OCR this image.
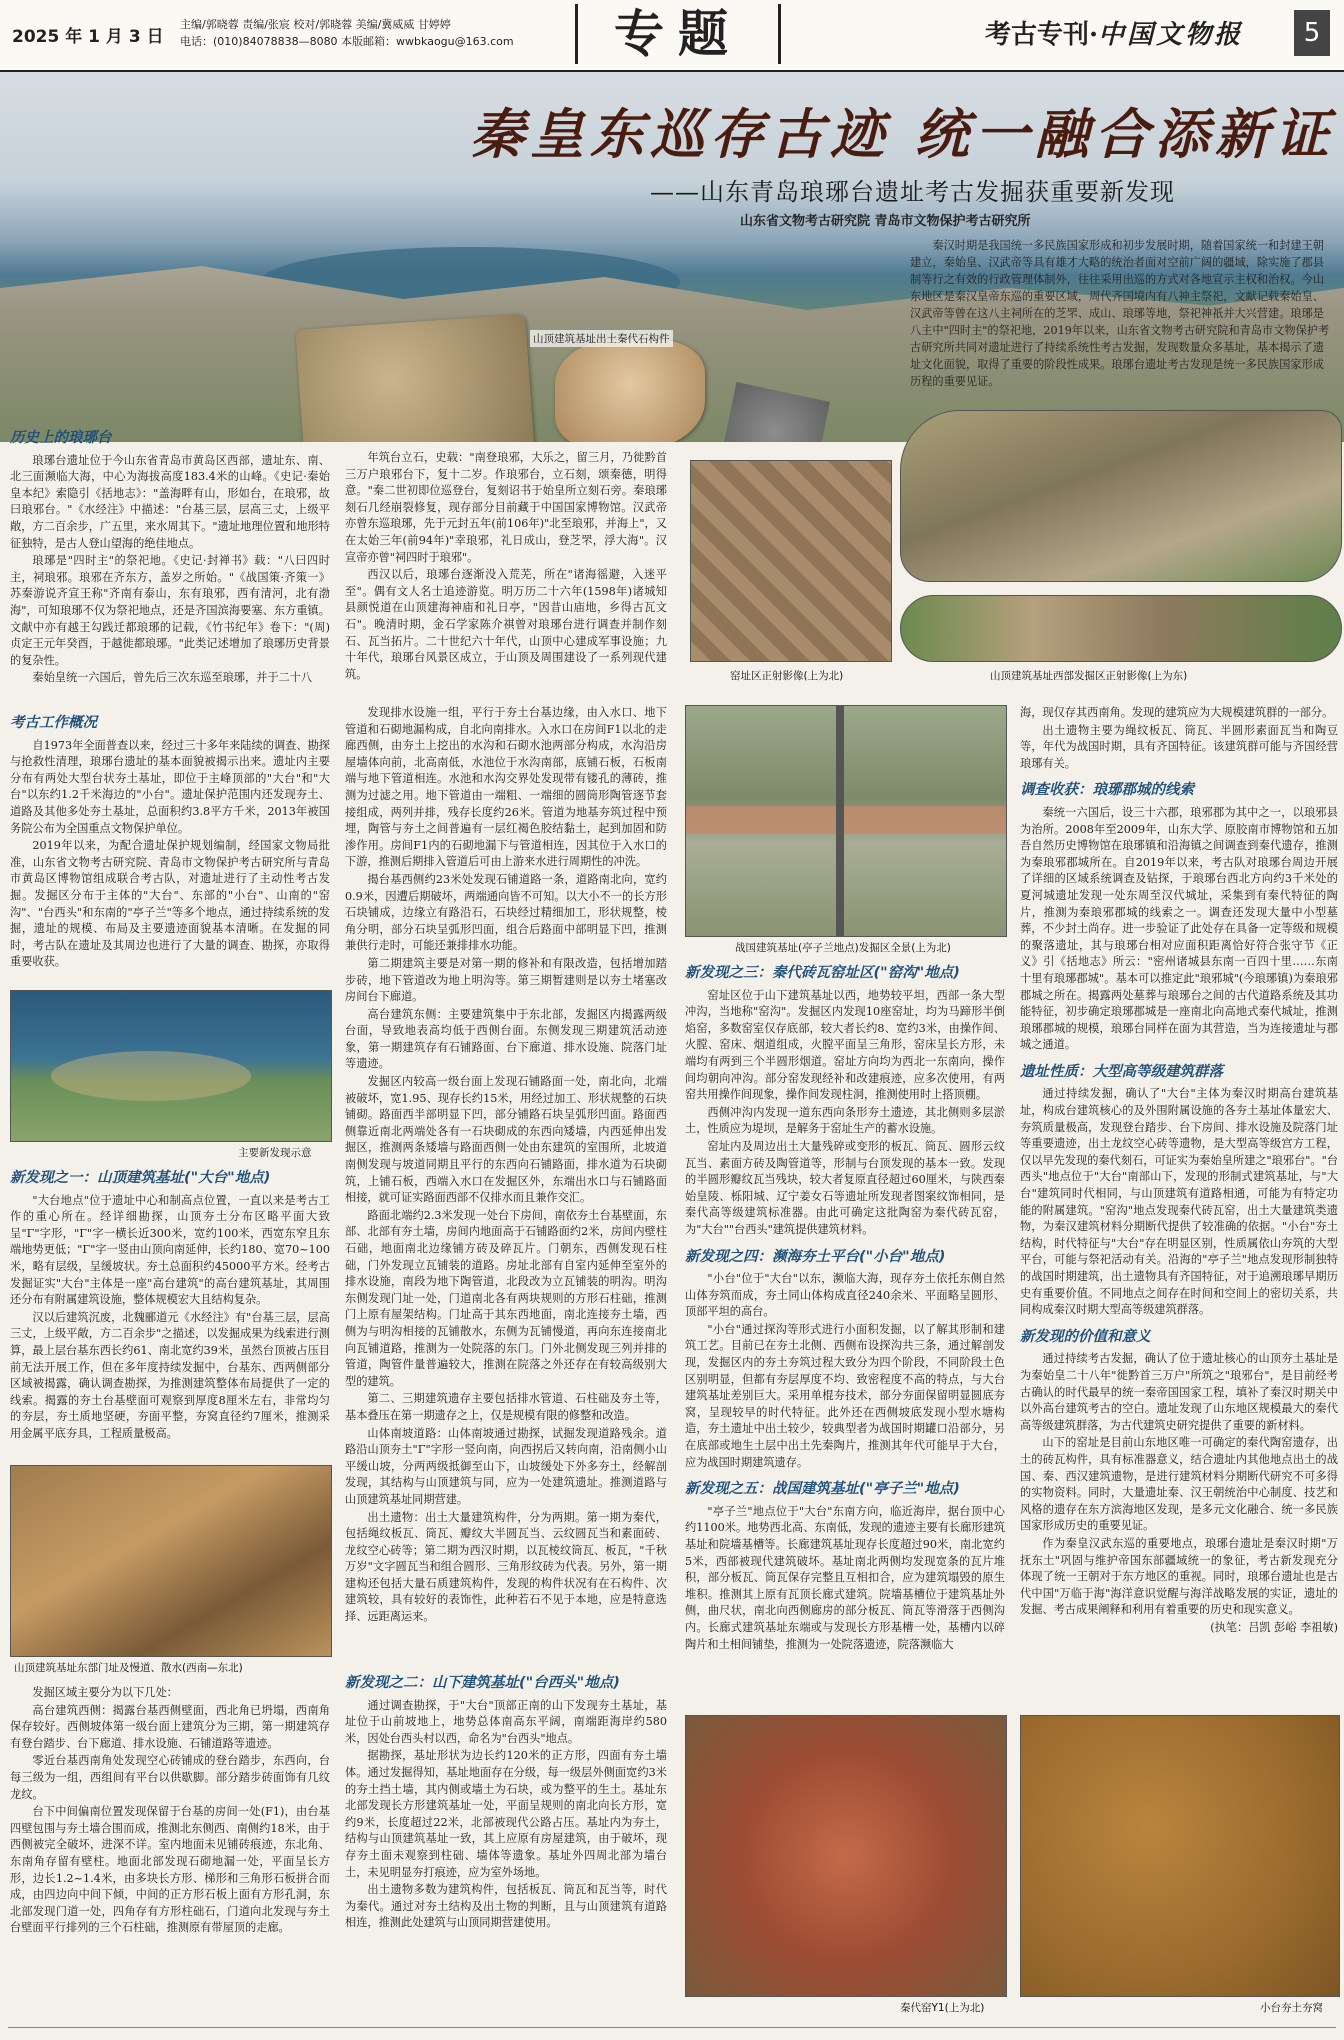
2025 年 1 月 3 日
主编/郭晓蓉 责编/张宸 校对/郭晓蓉 美编/冀威威 甘婷婷
电话：(010)84078838—8080 本版邮箱：wwbkaogu@163.com	专题	考古专刊·中国文物报	5
秦皇东巡存古迹 统一融合添新证
——山东青岛琅琊台遗址考古发掘获重要新发现
山东省文物考古研究院 青岛市文物保护考古研究所
秦汉时期是我国统一多民族国家形成和初步发展时期，随着国家统一和封建王朝建立，秦始皇、汉武帝等具有雄才大略的统治者面对空前广阔的疆域，除实施了郡县制等行之有效的行政管理体制外，往往采用出巡的方式对各地宣示主权和治权。今山东地区是秦汉皇帝东巡的重要区域，周代齐国境内有八神主祭祀，文献记载秦始皇、汉武帝等曾在这八主祠所在的芝罘、成山、琅琊等地，祭祀神祇并大兴营建。琅琊是八主中"四时主"的祭祀地，2019年以来，山东省文物考古研究院和青岛市文物保护考古研究所共同对遗址进行了持续系统性考古发掘，发现数量众多基址，基本揭示了遗址文化面貌，取得了重要的阶段性成果。琅琊台遗址考古发现是统一多民族国家形成历程的重要见证。
山顶建筑基址出土秦代石构件
历史上的琅琊台

琅琊台遗址位于今山东省青岛市黄岛区西部，遗址东、南、北三面濒临大海，中心为海拔高度183.4米的山峰。《史记·秦始皇本纪》索隐引《括地志》："盖海畔有山，形如台，在琅邪，故曰琅邪台。"《水经注》中描述："台基三层，层高三丈，上级平敞，方二百余步，广五里，来水周其下。"遗址地理位置和地形特征独特，是古人登山望海的绝佳地点。

琅琊是"四时主"的祭祀地。《史记·封禅书》载："八曰四时主，祠琅邪。琅邪在齐东方，盖岁之所始。"《战国策·齐策一》苏秦游说齐宣王称"齐南有泰山，东有琅邪，西有清河，北有渤海"，可知琅琊不仅为祭祀地点，还是齐国滨海要塞、东方重镇。文献中亦有越王勾践迁都琅琊的记载，《竹书纪年》卷下："(周)贞定王元年癸酉，于越徙都琅琊。"此类记述增加了琅琊历史背景的复杂性。

秦始皇统一六国后，曾先后三次东巡至琅琊，并于二十八

年筑台立石，史载："南登琅邪，大乐之，留三月，乃徙黔首三万户琅邪台下，复十二岁。作琅邪台，立石刻，颂秦德，明得意。"秦二世初即位巡登台，复刻诏书于始皇所立刻石旁。秦琅琊刻石几经崩裂修复，现存部分目前藏于中国国家博物馆。汉武帝亦曾东巡琅琊，先于元封五年(前106年)"北至琅邪，并海上"，又在太始三年(前94年)"幸琅邪，礼日成山，登芝罘，浮大海"。汉宣帝亦曾"祠四时于琅邪"。

西汉以后，琅琊台逐渐没入荒芜，所在"诸海徭避，入迷平至"。偶有文人名士追迹游览。明万历二十六年(1598年)诸城知县颜悦道在山顶建海神庙和礼日亭，"因昔山庙地，乡得古瓦文石"。晚清时期，金石学家陈介祺曾对琅琊台进行调查并制作刻石、瓦当拓片。二十世纪六十年代，山顶中心建成军事设施；九十年代，琅琊台风景区成立，于山顶及周围建设了一系列现代建筑。	窑址区正射影像(上为北)	山顶建筑基址西部发掘区正射影像(上为东)
考古工作概况

自1973年全面普查以来，经过三十多年来陆续的调查、勘探与抢救性清理，琅琊台遗址的基本面貌被揭示出来。遗址内主要分布有两处大型台状夯土基址，即位于主峰顶部的"大台"和"大台"以东约1.2千米海边的"小台"。遗址保护范围内还发现夯土、道路及其他多处夯土基址，总面积约3.8平方千米，2013年被国务院公布为全国重点文物保护单位。

2019年以来，为配合遗址保护规划编制，经国家文物局批准，山东省文物考古研究院、青岛市文物保护考古研究所与青岛市黄岛区博物馆组成联合考古队，对遗址进行了主动性考古发掘。发掘区分布于主体的"大台"、东部的"小台"、山南的"窑沟"、"台西头"和东南的"亭子兰"等多个地点，通过持续系统的发掘，遗址的规模、布局及主要遗迹面貌基本清晰。在发掘的同时，考古队在遗址及其周边也进行了大量的调查、勘探，亦取得重要收获。

主要新发现示意
新发现之一：山顶建筑基址("大台"地点)

"大台地点"位于遗址中心和制高点位置，一直以来是考古工作的重心所在。经详细勘探，山顶夯土分布区略平面大致呈"Γ"字形，"Γ"字一横长近300米，宽约100米，西宽东窄且东端地势更低；"Γ"字一竖由山顶向南延伸，长约180、宽70~100米，略有层级，呈缓坡状。夯土总面积约45000平方米。经考古发掘证实"大台"主体是一座"高台建筑"的高台建筑基址，其周围还分布有附属建筑设施，整体规模宏大且结构复杂。

汉以后建筑沉废，北魏郦道元《水经注》有"台基三层，层高三丈，上级平敞，方二百余步"之描述，以发掘成果为线索进行测算，最上层台基东西长约61、南北宽约39米，虽然台顶被占压目前无法开展工作，但在多年度持续发掘中，台基东、西两侧部分区域被揭露，确认调查勘探，为推测建筑整体布局提供了一定的线索。揭露的夯土台基壁面可观察到厚度8厘米左右，非常均匀的夯层，夯土质地坚硬，夯面平整，夯窝直径约7厘米，推测采用金属平底夯具，工程质量极高。

山顶建筑基址东部门址及慢道、散水(西南—东北)

发掘区域主要分为以下几处：

高台建筑西侧：揭露台基西侧壁面，西北角已坍塌，西南角保存较好。西侧坡体第一级台面上建筑分为三期，第一期建筑存有登台踏步、台下廊道、排水设施、石铺道路等遗迹。

零近台基西南角处发现空心砖铺成的登台踏步，东西向，台每三级为一组，西组间有平台以供歇脚。部分踏步砖面饰有几纹龙纹。

台下中间偏南位置发现保留于台基的房间一处(F1)，由台基四壁包围与夯土墙合围而成，推测北东侧西、南侧约18米，由于西侧被完全破坏，进深不详。室内地面未见铺砖痕迹，东北角、东南角存留有壁柱。地面北部发现石砌地漏一处，平面呈长方形，边长1.2~1.4米，由多块长方形、梯形和三角形石板拼合而成，由四边向中间下倾，中间的正方形石板上面有方形孔洞，东北部发现门道一处，四角存有方形柱础石，门道向北发现与夯土台壁面平行排列的三个石柱础，推测原有带屋顶的走廊。

发现排水设施一组，平行于夯土台基边缘，由入水口、地下管道和石砌地漏构成，自北向南排水。入水口在房间F1以北的走廊西侧，由夯土上挖出的水沟和石砌水池两部分构成，水沟沿房屋墙体向前，北高南低，水池位于水沟南部，底铺石板，石板南端与地下管道相连。水池和水沟交界处发现带有镂孔的薄砖，推测为过滤之用。地下管道由一端粗、一端细的圆筒形陶管逐节套接组成，两列并排，残存长度约26米。管道为地基夯筑过程中预埋，陶管与夯土之间普遍有一层红褐色胶结黏土，起到加固和防渗作用。房间F1内的石砌地漏下与管道相连，因其位于入水口的下游，推测后期排入管道后可由上游来水进行周期性的冲洗。

揭台基西侧约23米处发现石铺道路一条，道路南北向，宽约0.9米，因遭后期破坏，两端通向皆不可知。以大小不一的长方形石块铺成，边缘立有路沿石，石块经过精细加工，形状规整，棱角分明，部分石块呈弧形凹面，组合后路面中部明显下凹，推测兼供行走时，可能还兼排排水功能。

第二期建筑主要是对第一期的修补和有限改造，包括增加踏步砖，地下管道改为地上明沟等。第三期暂建则是以夯土堵塞改房间台下廊道。

高台建筑东侧：主要建筑集中于东北部，发掘区内揭露两级台面，导致地表高均低于西侧台面。东侧发现三期建筑活动迹象，第一期建筑存有石铺路面、台下廊道、排水设施、院落门址等遗迹。

发掘区内较高一级台面上发现石铺路面一处，南北向，北端被破坏，宽1.95、现存长约15米，用经过加工、形状规整的石块铺砌。路面西半部明显下凹，部分铺路石块呈弧形凹面。路面西侧靠近南北两端处各有一石块砌成的东西向矮墙，内西延伸出发掘区，推测两条矮墙与路面西侧一处由东建筑的室围所，北坡道南侧发现与坡道同期且平行的东西向石铺路面，排水道为石块砌筑，上铺石板，西端入水口在发掘区外，东端出水口与石铺路面相接，就可证实路面西部不仅排水而且兼作交汇。

路面北端约2.3米发现一处台下房间，南依夯土台基壁面，东部、北部有夯土墙，房间内地面高于石铺路面约2米，房间内壁柱石础，地面南北边缘铺方砖及碎瓦片。门朝东，西侧发现石柱础，门外发现立瓦铺装的道路。房址北部有自室内延伸至室外的排水设施，南段为地下陶管道，北段改为立瓦铺装的明沟。明沟东侧发现门址一处，门道南北各有两块规则的方形石柱础，推测门上原有屋架结构。门址高于其东西地面，南北连接夯土墙，西侧为与明沟相接的瓦铺散水，东侧为瓦铺慢道，再向东连接南北向瓦铺道路，推测为一处院落的东门。门外北侧发现三列并排的管道，陶管件量普遍较大，推测在院落之外还存在有较高级别大型的建筑。

第二、三期建筑遗存主要包括排水管道、石柱础及夯土等，基本叠压在第一期遗存之上，仅是规模有限的修整和改造。

山体南坡道路：山体南坡通过勘探，试掘发现道路残余。道路沿山顶夯土"Γ"字形一竖向南，向西拐后又转向南，沿南侧小山平缓山坡，分两两级抵御至山下，山坡缓处下外多夯土，经解剖发现，其结构与山顶建筑与同，应为一处建筑遗址。推测道路与山顶建筑基址同期营建。

出土遗物：出土大量建筑构件，分为两期。第一期为秦代，包括绳纹板瓦、筒瓦、瓣纹大半圆瓦当、云纹圆瓦当和素面砖、龙纹空心砖等；第二期为西汉时期，以瓦棱纹筒瓦、板瓦，"千秋万岁"文字圆瓦当和组合圆形、三角形纹砖为代表。另外，第一期建构还包括大量石质建筑构件，发现的构件状况有在石构件、次建筑较，具有较好的表饰性，此种若石不见于本地，应是特意选择、远距离运来。

新发现之二：山下建筑基址("台西头"地点)

通过调查勘探，于"大台"顶部正南的山下发现夯土基址，基址位于山前坡地上，地势总体南高东平阔，南端距海岸约580米，因处台西头村以西，命名为"台西头"地点。

据勘探，基址形状为边长约120米的正方形，四面有夯土墙体。通过发掘得知，基址地面存在分级，每一级层外侧面宽约3米的夯土挡土墙，其内侧或墙土为石块，或为整平的生土。基址东北部发现长方形建筑基址一处，平面呈规则的南北向长方形，宽约9米，长度超过22米，北部被现代公路占压。基址内为夯土，结构与山顶建筑基址一致，其上应原有房屋建筑，由于破坏，现存夯土面未观察到柱础、墙体等遗象。基址外四周北部为墙台土，未见明显夯打痕迹，应为室外场地。

出土遗物多数为建筑构件，包括板瓦、筒瓦和瓦当等，时代为秦代。通过对夯土结构及出土物的判断，且与山顶建筑有道路相连，推测此处建筑与山顶同期营建使用。

战国建筑基址(亭子兰地点)发掘区全景(上为北)
新发现之三：秦代砖瓦窑址区("窑沟"地点)

窑址区位于山下建筑基址以西，地势较平坦，西部一条大型冲沟，当地称"窑沟"。发掘区内发现10座窑址，均为马蹄形半倒焰窑，多数窑室仅存底部，较大者长约8、宽约3米，由操作间、火膛、窑床、烟道组成，火膛平面呈三角形，窑床呈长方形，未端均有两到三个半圆形烟道。窑址方向均为西北一东南向，操作间均朝向冲沟。部分窑发现经补和改建痕迹，应多次使用，有两窑共用操作间现象，操作间发现柱洞，推测使用时上搭顶棚。

西侧冲沟内发现一道东西向条形夯土遗迹，其北侧则多层淤土，性质应为堤坝，是解务于窑址生产的蓄水设施。

窑址内及周边出土大量残碎或变形的板瓦、筒瓦、圆形云纹瓦当、素面方砖及陶管道等，形制与台顶发现的基本一致。发现的半圆形瓣纹瓦当残块，较大者复原直径超过60厘米，与陕西秦始皇陵、栎阳城、辽宁姜女石等遗址所发现者图案纹饰相同，是秦代高等级建筑标准器。由此可确定这批陶窑为秦代砖瓦窑，为"大台""台西头"建筑提供建筑材料。

新发现之四：濒海夯土平台("小台"地点)

"小台"位于"大台"以东，濒临大海，现存夯土依托东侧自然山体夯筑而成，夯土同山体构成直径240余米、平面略呈圆形、顶部平坦的高台。

"小台"通过探沟等形式进行小面积发掘，以了解其形制和建筑工艺。目前已在夯土北侧、西侧布设探沟共三条，通过解剖发现，发掘区内的夯土夯筑过程大致分为四个阶段，不同阶段土色区别明显，但都有夯层厚度不均、致密程度不高的特点，与大台建筑基址差别巨大。采用单棍夯技术，部分夯面保留明显圆底夯窝，呈现较早的时代特征。此外还在西侧坡底发现小型水塘构造，夯土遗址中出土较少，较典型者为战国时期罐口沿部分，另在底部或地生土层中出土先秦陶片，推测其年代可能早于大台，应为战国时期建筑遗存。

新发现之五：战国建筑基址("亭子兰"地点)

"亭子兰"地点位于"大台"东南方向，临近海岸，据台顶中心约1100米。地势西北高、东南低，发现的遗迹主要有长廊形建筑基址和院墙基槽等。长廊建筑基址现存长度超过90米，南北宽约5米，西部被现代建筑破坏。基址南北两侧均发现宽条的瓦片堆积，部分板瓦、筒瓦保存完整且互相扣合，应为建筑塌毁的原生堆积。推测其上原有瓦顶长廊式建筑。院墙基槽位于建筑基址外侧，曲尺状，南北向西侧廊房的部分板瓦、筒瓦等滑落于西侧沟内。长廊式建筑基址东端或与发现长方形基槽一处，基槽内以碎陶片和土相间铺垫，推测为一处院落遗迹，院落濒临大

海，现仅存其西南角。发现的建筑应为大规模建筑群的一部分。

出土遗物主要为绳纹板瓦、筒瓦、半圆形素面瓦当和陶豆等，年代为战国时期，具有齐国特征。该建筑群可能与齐国经营琅琊有关。

调查收获：琅琊郡城的线索

秦统一六国后，设三十六郡，琅邪郡为其中之一，以琅邪县为治所。2008年至2009年，山东大学、原胶南市博物馆和五加吾自然历史博物馆在琅琊镇和沿海镇之间调查到秦代遗存，推测为秦琅邪郡城所在。自2019年以来，考古队对琅琊台周边开展了详细的区域系统调查及钻探，于琅琊台西北方向约3千米处的夏河城遗址发现一处东周至汉代城址，采集到有秦代特征的陶片，推测为秦琅邪郡城的线索之一。调查还发现大量中小型墓葬，不少封土尚存。进一步验证了此处存在具备一定等级和规模的聚落遗址，其与琅琊台相对应面积距离恰好符合张守节《正义》引《括地志》所云："密州诸城县东南一百四十里……东南十里有琅琊郡城"。基本可以推定此"琅邪城"(今琅琊镇)为秦琅邪郡城之所在。揭露两处墓葬与琅琊台之间的古代道路系统及其功能特征，初步确定琅琊郡城是一座南北向高地式秦代城址，推测琅琊郡城的规模，琅琊台同样在面为其营造，当为连接遗址与郡城之通道。

遗址性质：大型高等级建筑群落

通过持续发掘，确认了"大台"主体为秦汉时期高台建筑基址，构成台建筑核心的及外围附属设施的各夯土基址体量宏大、夯筑质量极高，发现登台踏步、台下房间、排水设施及院落门址等重要遗迹，出土龙纹空心砖等遗物，是大型高等级宫方工程，仅以早先发现的秦代刻石，可证实为秦始皇所建之"琅邪台"。"台西头"地点位于"大台"南部山下，发现的形制式建筑基址，与"大台"建筑同时代相同，与山顶建筑有道路相通，可能为有特定功能的附属建筑。"窑沟"地点发现秦代砖瓦窑，出土大量建筑类遗物，为秦汉建筑材料分期断代提供了较准确的依据。"小台"夯土结构，时代特征与"大台"存在明显区别，性质属依山夯筑的大型平台，可能与祭祀活动有关。沿海的"亭子兰"地点发现形制独特的战国时期建筑，出土遗物具有齐国特征，对于追溯琅琊早期历史有重要价值。不同地点之间存在时间和空间上的密切关系，共同构成秦汉时期大型高等级建筑群落。

新发现的价值和意义

通过持续考古发掘，确认了位于遗址核心的山顶夯土基址是为秦始皇二十八年"徙黔首三万户"所筑之"琅邪台"，是目前经考古确认的时代最早的统一秦帝国国家工程，填补了秦汉时期关中以外高台建筑考古的空白。遗址发现了山东地区规模最大的秦代高等级建筑群落，为古代建筑史研究提供了重要的新材料。

山下的窑址是目前山东地区唯一可确定的秦代陶窑遗存，出土的砖瓦构件，具有标准器意义，结合遗址内其他地点出土的战国、秦、西汉建筑遗物，是进行建筑材料分期断代研究不可多得的实物资料。同时，大量遗址秦、汉王朝统治中心制度、技艺和风格的遗存在东方滨海地区发现，是多元文化融合、统一多民族国家形成历史的重要见证。

作为秦皇汉武东巡的重要地点，琅琊台遗址是秦汉时期"万抚东土"巩固与维护帝国东部疆域统一的象征，考古新发现充分体现了统一王朝对于东方地区的重视。同时，琅琊台遗址也是古代中国"万临于海"海洋意识觉醒与海洋战略发展的实证，遗址的发掘、考古成果阐释和利用有着重要的历史和现实意义。

(执笔：吕凯 彭峪 李祖敏)
秦代窑Y1(上为北)	小台夯土夯窝
